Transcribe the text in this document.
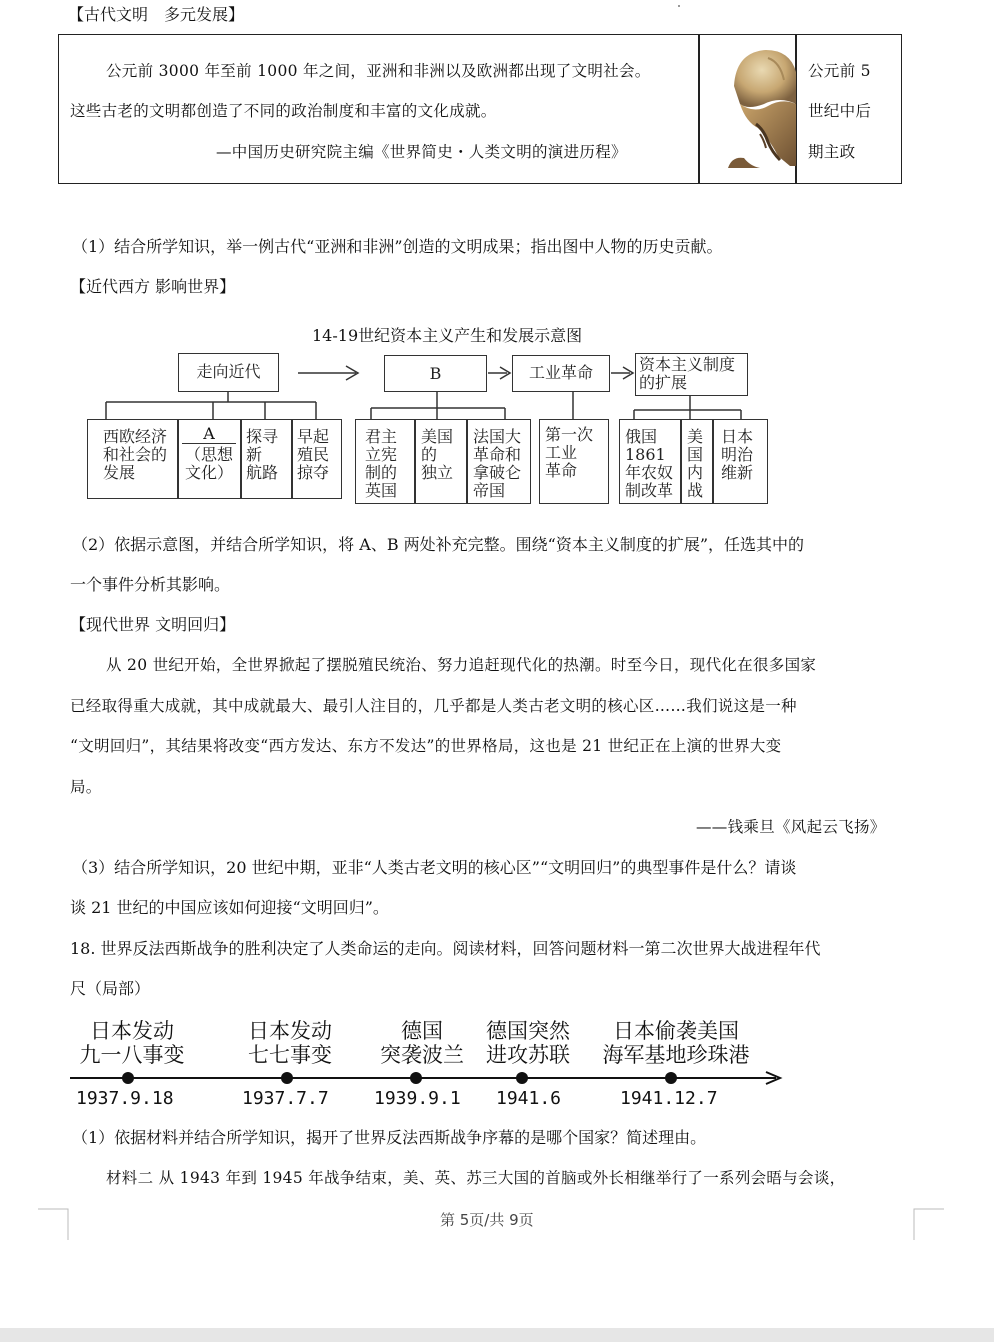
【古代文明　多元发展】
公元前 3000 年至前 1000 年之间，亚洲和非洲以及欧洲都出现了文明社会。
这些古老的文明都创造了不同的政治制度和丰富的文化成就。
—中国历史研究院主编《世界简史・人类文明的演进历程》
公元前 5
世纪中后
期主政
（1）结合所学知识，举一例古代“亚洲和非洲”创造的文明成果；指出图中人物的历史贡献。
【近代西方 影响世界】
14-19世纪资本主义产生和发展示意图
走向近代	B	工业革命	资本主义制度
的扩展
西欧经济
和社会的
发展
A
（思想
文化）
探寻
新
航路
早起
殖民
掠夺
君主
立宪
制的
英国
美国
的
独立
法国大
革命和
拿破仑
帝国
第一次
工业
革命
俄国
1861
年农奴
制改革
美
国
内
战
日本
明治
维新
（2）依据示意图，并结合所学知识，将 A、B 两处补充完整。围绕“资本主义制度的扩展”，任选其中的
一个事件分析其影响。
【现代世界 文明回归】
从 20 世纪开始，全世界掀起了摆脱殖民统治、努力追赶现代化的热潮。时至今日，现代化在很多国家
已经取得重大成就，其中成就最大、最引人注目的，几乎都是人类古老文明的核心区……我们说这是一种
“文明回归”，其结果将改变“西方发达、东方不发达”的世界格局，这也是 21 世纪正在上演的世界大变
局。
——钱乘旦《风起云飞扬》
（3）结合所学知识，20 世纪中期，亚非“人类古老文明的核心区”“文明回归”的典型事件是什么？请谈
谈 21 世纪的中国应该如何迎接“文明回归”。
18. 世界反法西斯战争的胜利决定了人类命运的走向。阅读材料，回答问题材料一第二次世界大战进程年代
尺（局部）
日本发动
九一八事变
日本发动
七七事变
德国
突袭波兰
德国突然
进攻苏联
日本偷袭美国
海军基地珍珠港
1937.9.18	1937.7.7	1939.9.1 1941.6	1941.12.7
（1）依据材料并结合所学知识，揭开了世界反法西斯战争序幕的是哪个国家？简述理由。
材料二 从 1943 年到 1945 年战争结束，美、英、苏三大国的首脑或外长相继举行了一系列会晤与会谈，
第 5页/共 9页
